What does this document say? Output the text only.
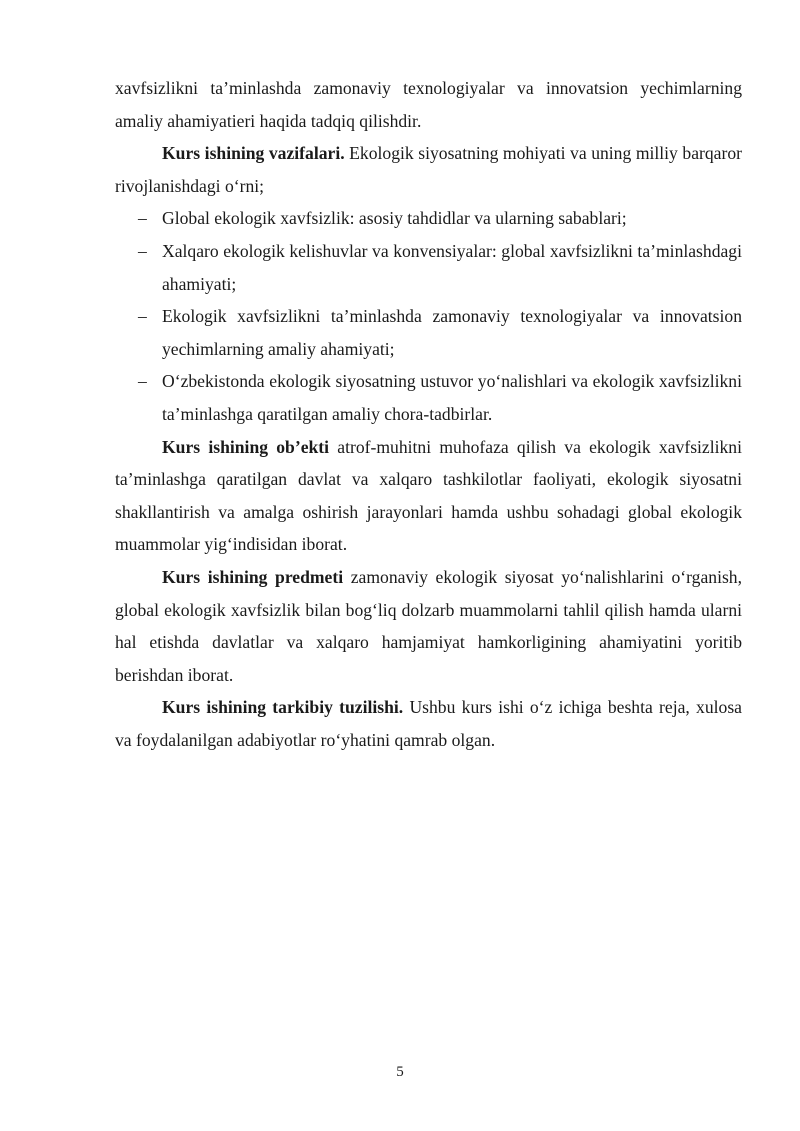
xavfsizlikni ta’minlashda zamonaviy texnologiyalar va innovatsion yechimlarning amaliy ahamiyatieri haqida tadqiq qilishdir.

Kurs ishining vazifalari. Ekologik siyosatning mohiyati va uning milliy barqaror rivojlanishdagi o‘rni;

– Global ekologik xavfsizlik: asosiy tahdidlar va ularning sabablari;
– Xalqaro ekologik kelishuvlar va konvensiyalar: global xavfsizlikni ta’minlashdagi ahamiyati;
– Ekologik xavfsizlikni ta’minlashda zamonaviy texnologiyalar va innovatsion yechimlarning amaliy ahamiyati;
– O‘zbekistonda ekologik siyosatning ustuvor yo‘nalishlari va ekologik xavfsizlikni ta’minlashga qaratilgan amaliy chora-tadbirlar.

Kurs ishining ob’ekti atrof-muhitni muhofaza qilish va ekologik xavfsizlikni ta’minlashga qaratilgan davlat va xalqaro tashkilotlar faoliyati, ekologik siyosatni shakllantirish va amalga oshirish jarayonlari hamda ushbu sohadagi global ekologik muammolar yig‘indisidan iborat.

Kurs ishining predmeti zamonaviy ekologik siyosat yo‘nalishlarini o‘rganish, global ekologik xavfsizlik bilan bog‘liq dolzarb muammolarni tahlil qilish hamda ularni hal etishda davlatlar va xalqaro hamjamiyat hamkorligining ahamiyatini yoritib berishdan iborat.

Kurs ishining tarkibiy tuzilishi. Ushbu kurs ishi o‘z ichiga beshta reja, xulosa va foydalanilgan adabiyotlar ro‘yhatini qamrab olgan.

5
